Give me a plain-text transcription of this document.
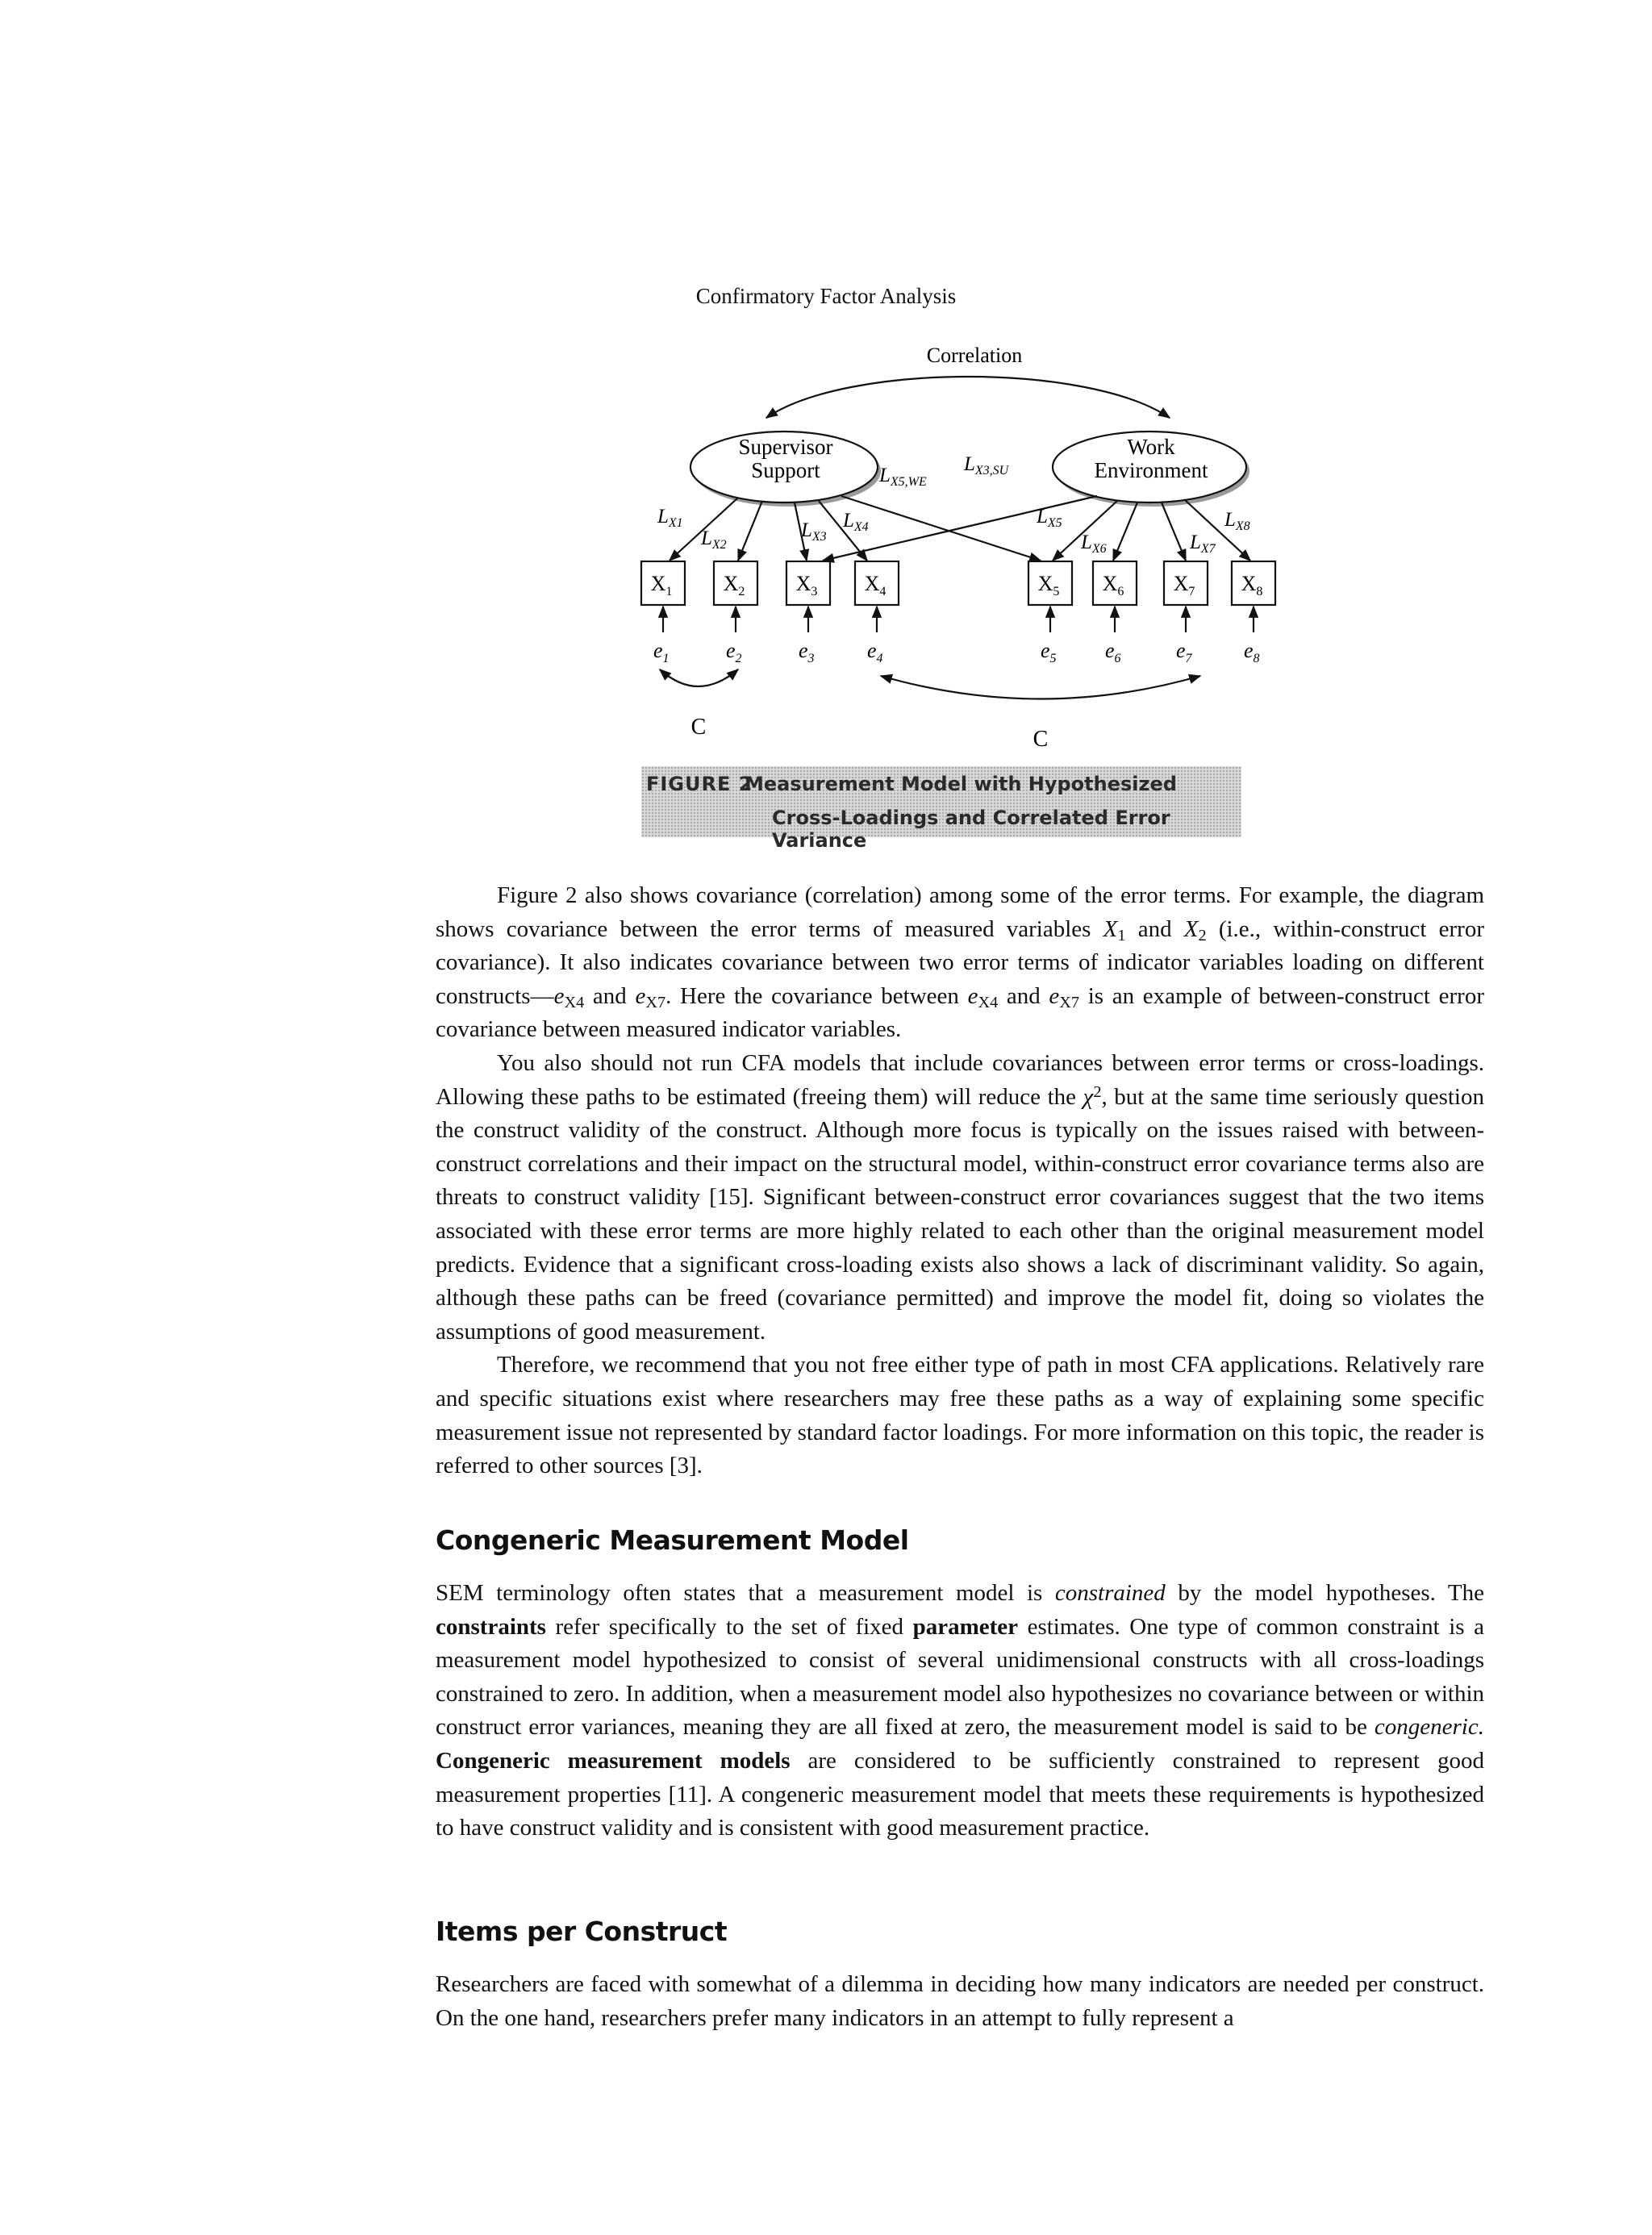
Confirmatory Factor Analysis
Correlation
Supervisor
Support
Work
Environment
$L_{X1}$
$L_{X2}$
$L_{X3}$
$L_{X4}$
$L_{X5,WE}$
$L_{X3,SU}$
$L_{X5}$
$L_{X6}$	$L_{X7}$
$L_{X8}$
$X_1$ $X_2$ $X_3$ $X_4$	$X_5$ $X_6$ $X_7$ $X_8$
$e_1$	$e_2$	$e_3$	$e_4$	$e_5$ $e_6$	$e_7$ $e_8$
C	C
FIGURE 2
Measurement Model with Hypothesized
Cross-Loadings and Correlated Error Variance

Figure 2 also shows covariance (correlation) among some of the error terms. For example, the diagram shows covariance between the error terms of measured variables $X_1$ and $X_2$ (i.e., within-construct error covariance). It also indicates covariance between two error terms of indicator variables loading on different $constructs—e_{X4}$ and $e_{X7}$. Here the covariance between $e_{X4}$ and $e_{X7}$ is an example of between-construct error covariance between measured indicator variables.

You also should not run CFA models that include covariances between error terms or cross-loadings. Allowing these paths to be estimated (freeing them) will reduce the $\chi^2$, but at the same time seriously question the construct validity of the construct. Although more focus is typically on the issues raised with between-construct correlations and their impact on the structural model, within-construct error covariance terms also are threats to construct validity [15]. Significant between-construct error covariances suggest that the two items associated with these error terms are more highly related to each other than the original measurement model predicts. Evidence that a significant cross-loading exists also shows a lack of discriminant validity. So again, although these paths can be freed (covariance permitted) and improve the model fit, doing so violates the assumptions of good measurement.

Therefore, we recommend that you not free either type of path in most CFA applications. Relatively rare and specific situations exist where researchers may free these paths as a way of explaining some specific measurement issue not represented by standard factor loadings. For more information on this topic, the reader is referred to other sources [3].

Congeneric Measurement Model

SEM terminology often states that a measurement model is constrained by the model hypotheses. The constraints refer specifically to the set of fixed parameter estimates. One type of common constraint is a measurement model hypothesized to consist of several unidimensional constructs with all cross-loadings constrained to zero. In addition, when a measurement model also hypothesizes no covariance between or within construct error variances, meaning they are all fixed at zero, the measurement model is said to be congeneric. Congeneric measurement models are considered to be sufficiently constrained to represent good measurement properties [11]. A congeneric measurement model that meets these requirements is hypothesized to have construct validity and is consistent with good measurement practice.

Items per Construct

Researchers are faced with somewhat of a dilemma in deciding how many indicators are needed per construct. On the one hand, researchers prefer many indicators in an attempt to fully represent a
